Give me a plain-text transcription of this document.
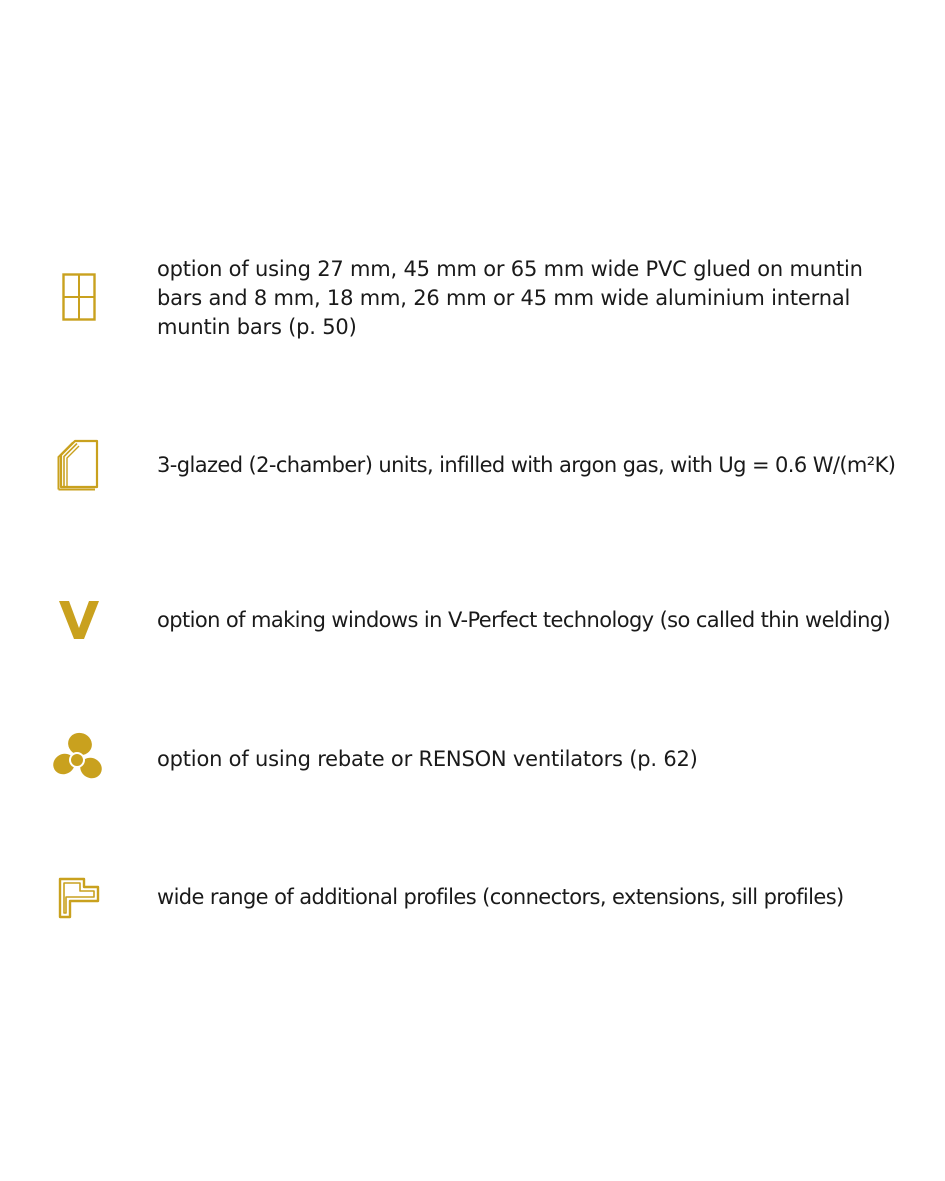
option of using 27 mm, 45 mm or 65 mm wide PVC glued on muntin bars and 8 mm, 18 mm, 26 mm or 45 mm wide aluminium internal muntin bars (p. 50)

3-glazed (2-chamber) units, infilled with argon gas, with Ug = 0.6 W/(m²K)

option of making windows in V-Perfect technology (so called thin welding)

option of using rebate or RENSON ventilators (p. 62)

wide range of additional profiles (connectors, extensions, sill profiles)
